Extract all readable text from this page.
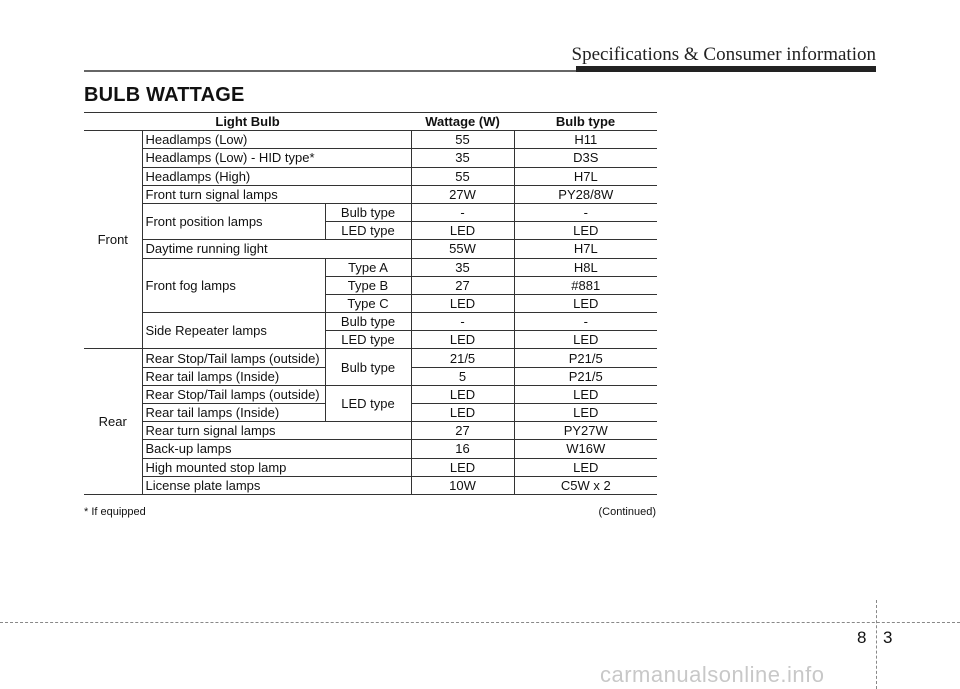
Specifications & Consumer information
BULB WATTAGE
Light Bulb			Wattage (W)	Bulb type
Front	Headlamps (Low)		55	H11
	Headlamps (Low) - HID type*		35	D3S
	Headlamps (High)		55	H7L
	Front turn signal lamps		27W	PY28/8W
	Front position lamps	Bulb type	-	-
		LED type	LED	LED
	Daytime running light		55W	H7L
	Front fog lamps	Type A	35	H8L
		Type B	27	#881
		Type C	LED	LED
	Side Repeater lamps	Bulb type	-	-
		LED type	LED	LED
Rear	Rear Stop/Tail lamps (outside)	Bulb type	21/5	P21/5
	Rear tail lamps (Inside)		5	P21/5
	Rear Stop/Tail lamps (outside)	LED type	LED	LED
	Rear tail lamps (Inside)		LED	LED
	Rear turn signal lamps		27	PY27W
	Back-up lamps		16	W16W
	High mounted stop lamp		LED	LED
	License plate lamps		10W	C5W x 2
* If equipped	(Continued)
8 3
carmanualsonline.info
